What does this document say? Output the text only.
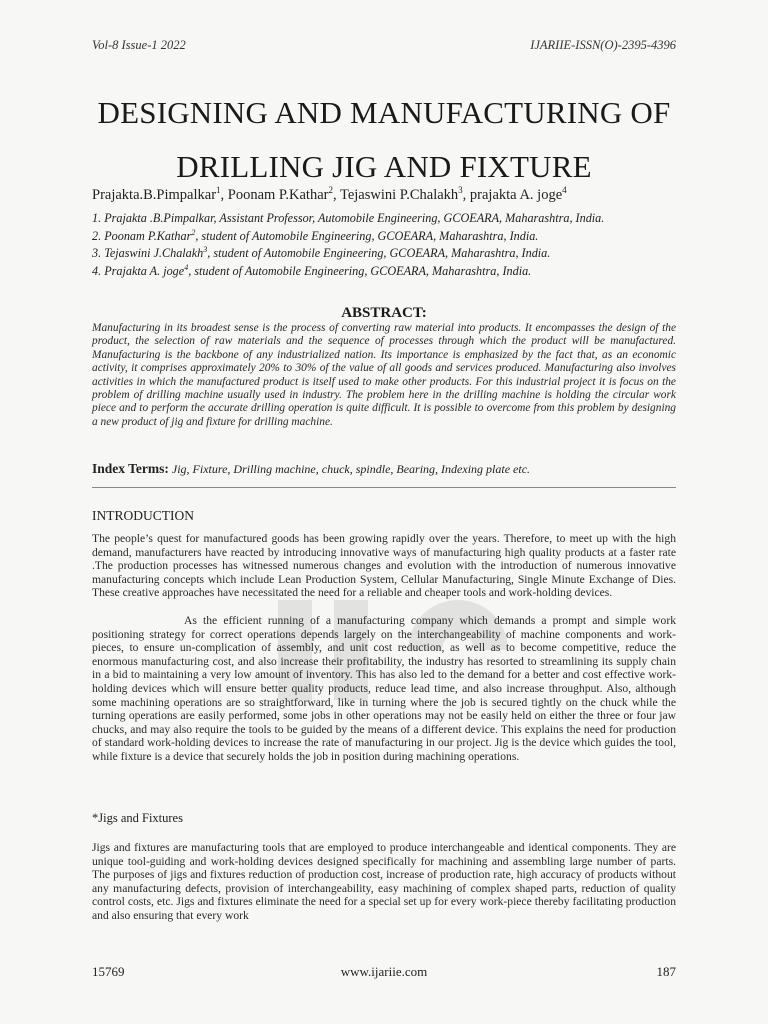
Vol-8 Issue-1 2022	IJARIIE-ISSN(O)-2395-4396
DESIGNING AND MANUFACTURING OF
DRILLING JIG AND FIXTURE
Prajakta.B.Pimpalkar$^1$, Poonam P.Kathar$^2$, Tejaswini P.Chalakh$^3$, prajakta A. joge$^4$
1. Prajakta .B.Pimpalkar, Assistant Professor, Automobile Engineering, GCOEARA, Maharashtra, India.
2. Poonam P.Kathar$^2$, student of Automobile Engineering, GCOEARA, Maharashtra, India.
3. Tejaswini J.Chalakh$^3$, student of Automobile Engineering, GCOEARA, Maharashtra, India.
4. Prajakta A. joge$^4$, student of Automobile Engineering, GCOEARA, Maharashtra, India.
ABSTRACT:
Manufacturing in its broadest sense is the process of converting raw material into products. It encompasses the design of the product, the selection of raw materials and the sequence of processes through which the product will be manufactured. Manufacturing is the backbone of any industrialized nation. Its importance is emphasized by the fact that, as an economic activity, it comprises approximately 20% to 30% of the value of all goods and services produced. Manufacturing also involves activities in which the manufactured product is itself used to make other products. For this industrial project it is focus on the problem of drilling machine usually used in industry. The problem here in the drilling machine is holding the circular work piece and to perform the accurate drilling operation is quite difficult. It is possible to overcome from this problem by designing a new product of jig and fixture for drilling machine.
Index Terms: Jig, Fixture, Drilling machine, chuck, spindle, Bearing, Indexing plate etc.
INTRODUCTION
The people’s quest for manufactured goods has been growing rapidly over the years. Therefore, to meet up with the high demand, manufacturers have reacted by introducing innovative ways of manufacturing high quality products at a faster rate .The production processes has witnessed numerous changes and evolution with the introduction of numerous innovative manufacturing concepts which include Lean Production System, Cellular Manufacturing, Single Minute Exchange of Dies. These creative approaches have necessitated the need for a reliable and cheaper tools and work-holding devices.
As the efficient running of a manufacturing company which demands a prompt and simple work positioning strategy for correct operations depends largely on the interchangeability of machine components and work-pieces, to ensure un-complication of assembly, and unit cost reduction, as well as to become competitive, reduce the enormous manufacturing cost, and also increase their profitability, the industry has resorted to streamlining its supply chain in a bid to maintaining a very low amount of inventory. This has also led to the demand for a better and cost effective work-holding devices which will ensure better quality products, reduce lead time, and also increase throughput. Also, although some machining operations are so straightforward, like in turning where the job is secured tightly on the chuck while the turning operations are easily performed, some jobs in other operations may not be easily held on either the three or four jaw chucks, and may also require the tools to be guided by the means of a different device. This explains the need for production of standard work-holding devices to increase the rate of manufacturing in our project. Jig is the device which guides the tool, while fixture is a device that securely holds the job in position during machining operations.
*Jigs and Fixtures
Jigs and fixtures are manufacturing tools that are employed to produce interchangeable and identical components. They are unique tool-guiding and work-holding devices designed specifically for machining and assembling large number of parts. The purposes of jigs and fixtures reduction of production cost, increase of production rate, high accuracy of products without any manufacturing defects, provision of interchangeability, easy machining of complex shaped parts, reduction of quality control costs, etc. Jigs and fixtures eliminate the need for a special set up for every work-piece thereby facilitating production and also ensuring that every work
15769	www.ijariie.com	187
